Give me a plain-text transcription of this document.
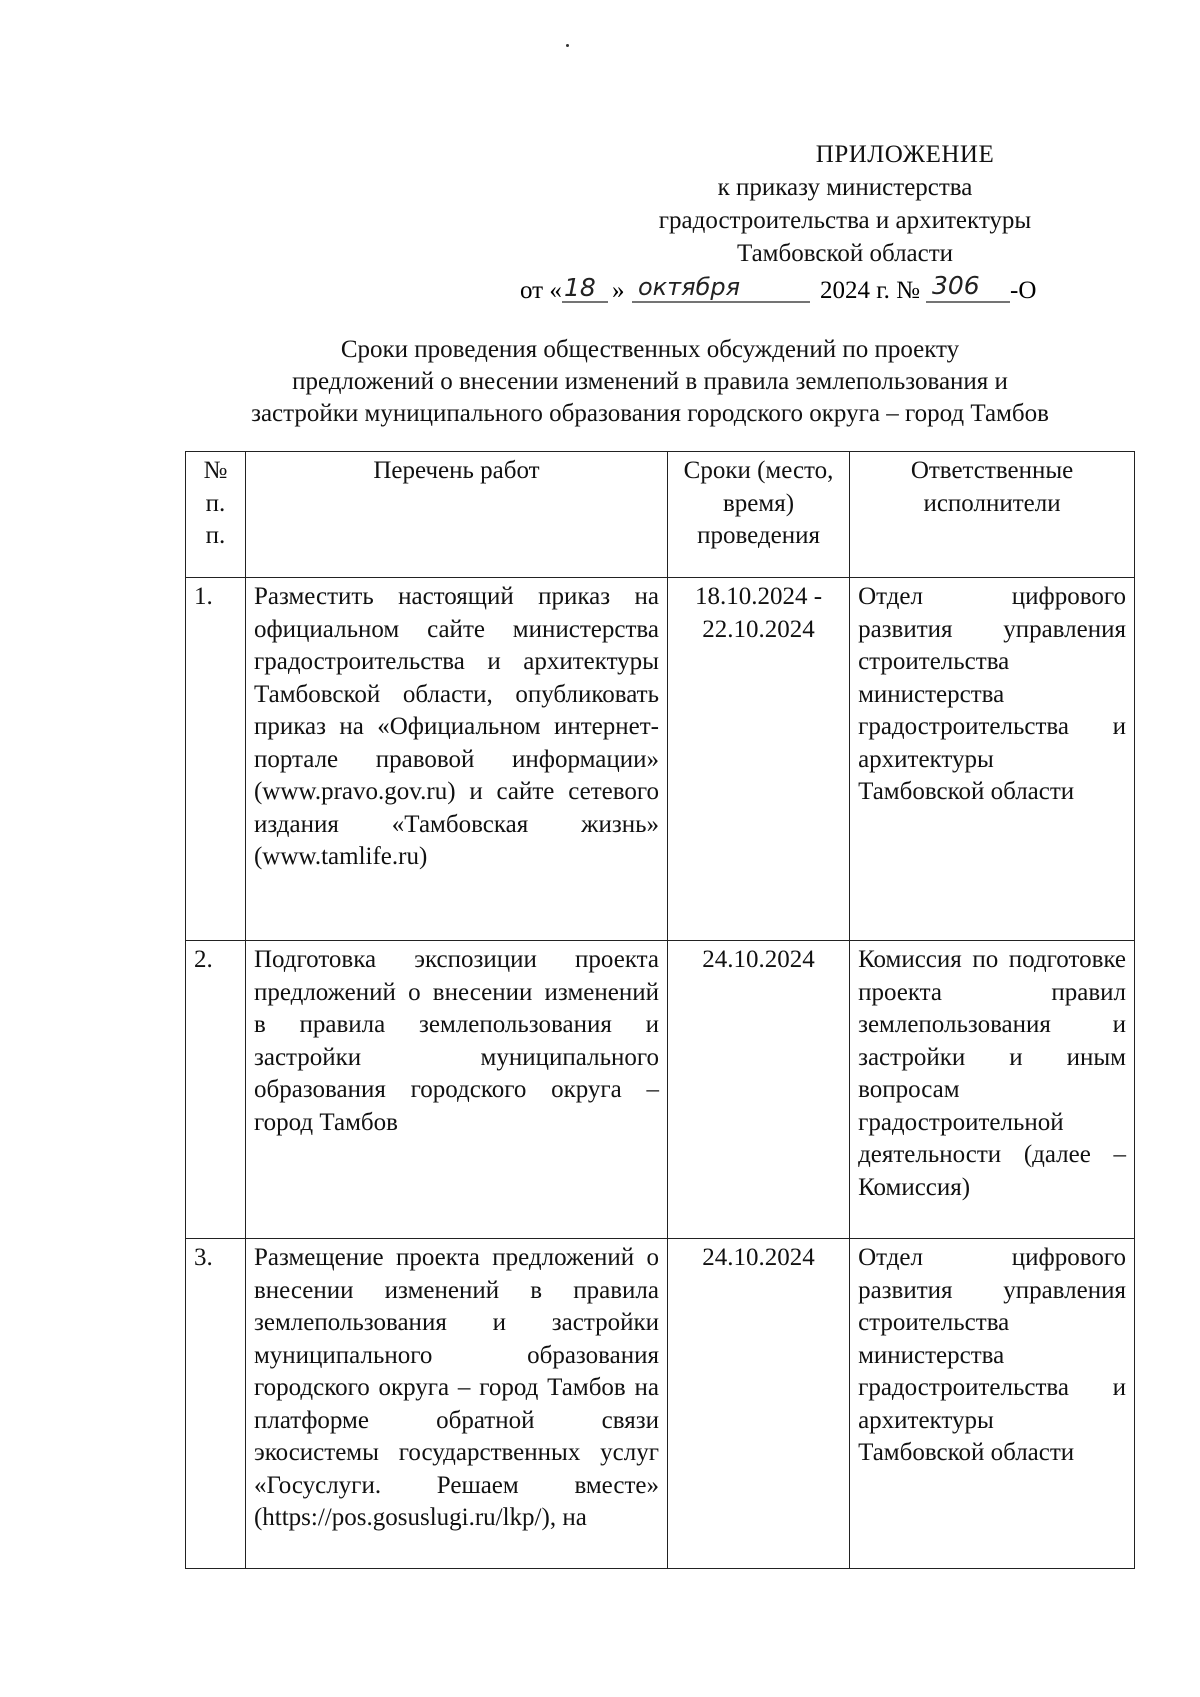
ПРИЛОЖЕНИЕ
к приказу министерства
градостроительства и архитектуры
Тамбовской области
от « 18 » октября	2024 г. № 306 -О
Сроки проведения общественных обсуждений по проекту
предложений о внесении изменений в правила землепользования и
застройки муниципального образования городского округа – город Тамбов
№ п. п.	Перечень работ	Сроки (место, время) проведения	Ответственные исполнители
1.	Разместить настоящий приказ на официальном сайте министерства градостроительства и архитектуры Тамбовской области, опубликовать приказ на «Официальном интернет-портале правовой информации» (www.pravo.gov.ru) и сайте сетевого издания «Тамбовская жизнь» (www.tamlife.ru)	18.10.2024 - 22.10.2024	Отдел цифрового развития управления строительства министерства градостроительства и архитектуры Тамбовской области
2.	Подготовка экспозиции проекта предложений о внесении изменений в правила землепользования и застройки муниципального образования городского округа – город Тамбов	24.10.2024	Комиссия по подготовке проекта правил землепользования и застройки и иным вопросам градостроительной деятельности (далее – Комиссия)
3.	Размещение проекта предложений о внесении изменений в правила землепользования и застройки муниципального образования городского округа – город Тамбов на платформе обратной связи экосистемы государственных услуг «Госуслуги. Решаем вместе» (https://pos.gosuslugi.ru/lkp/), на	24.10.2024	Отдел цифрового развития управления строительства министерства градостроительства и архитектуры Тамбовской области
